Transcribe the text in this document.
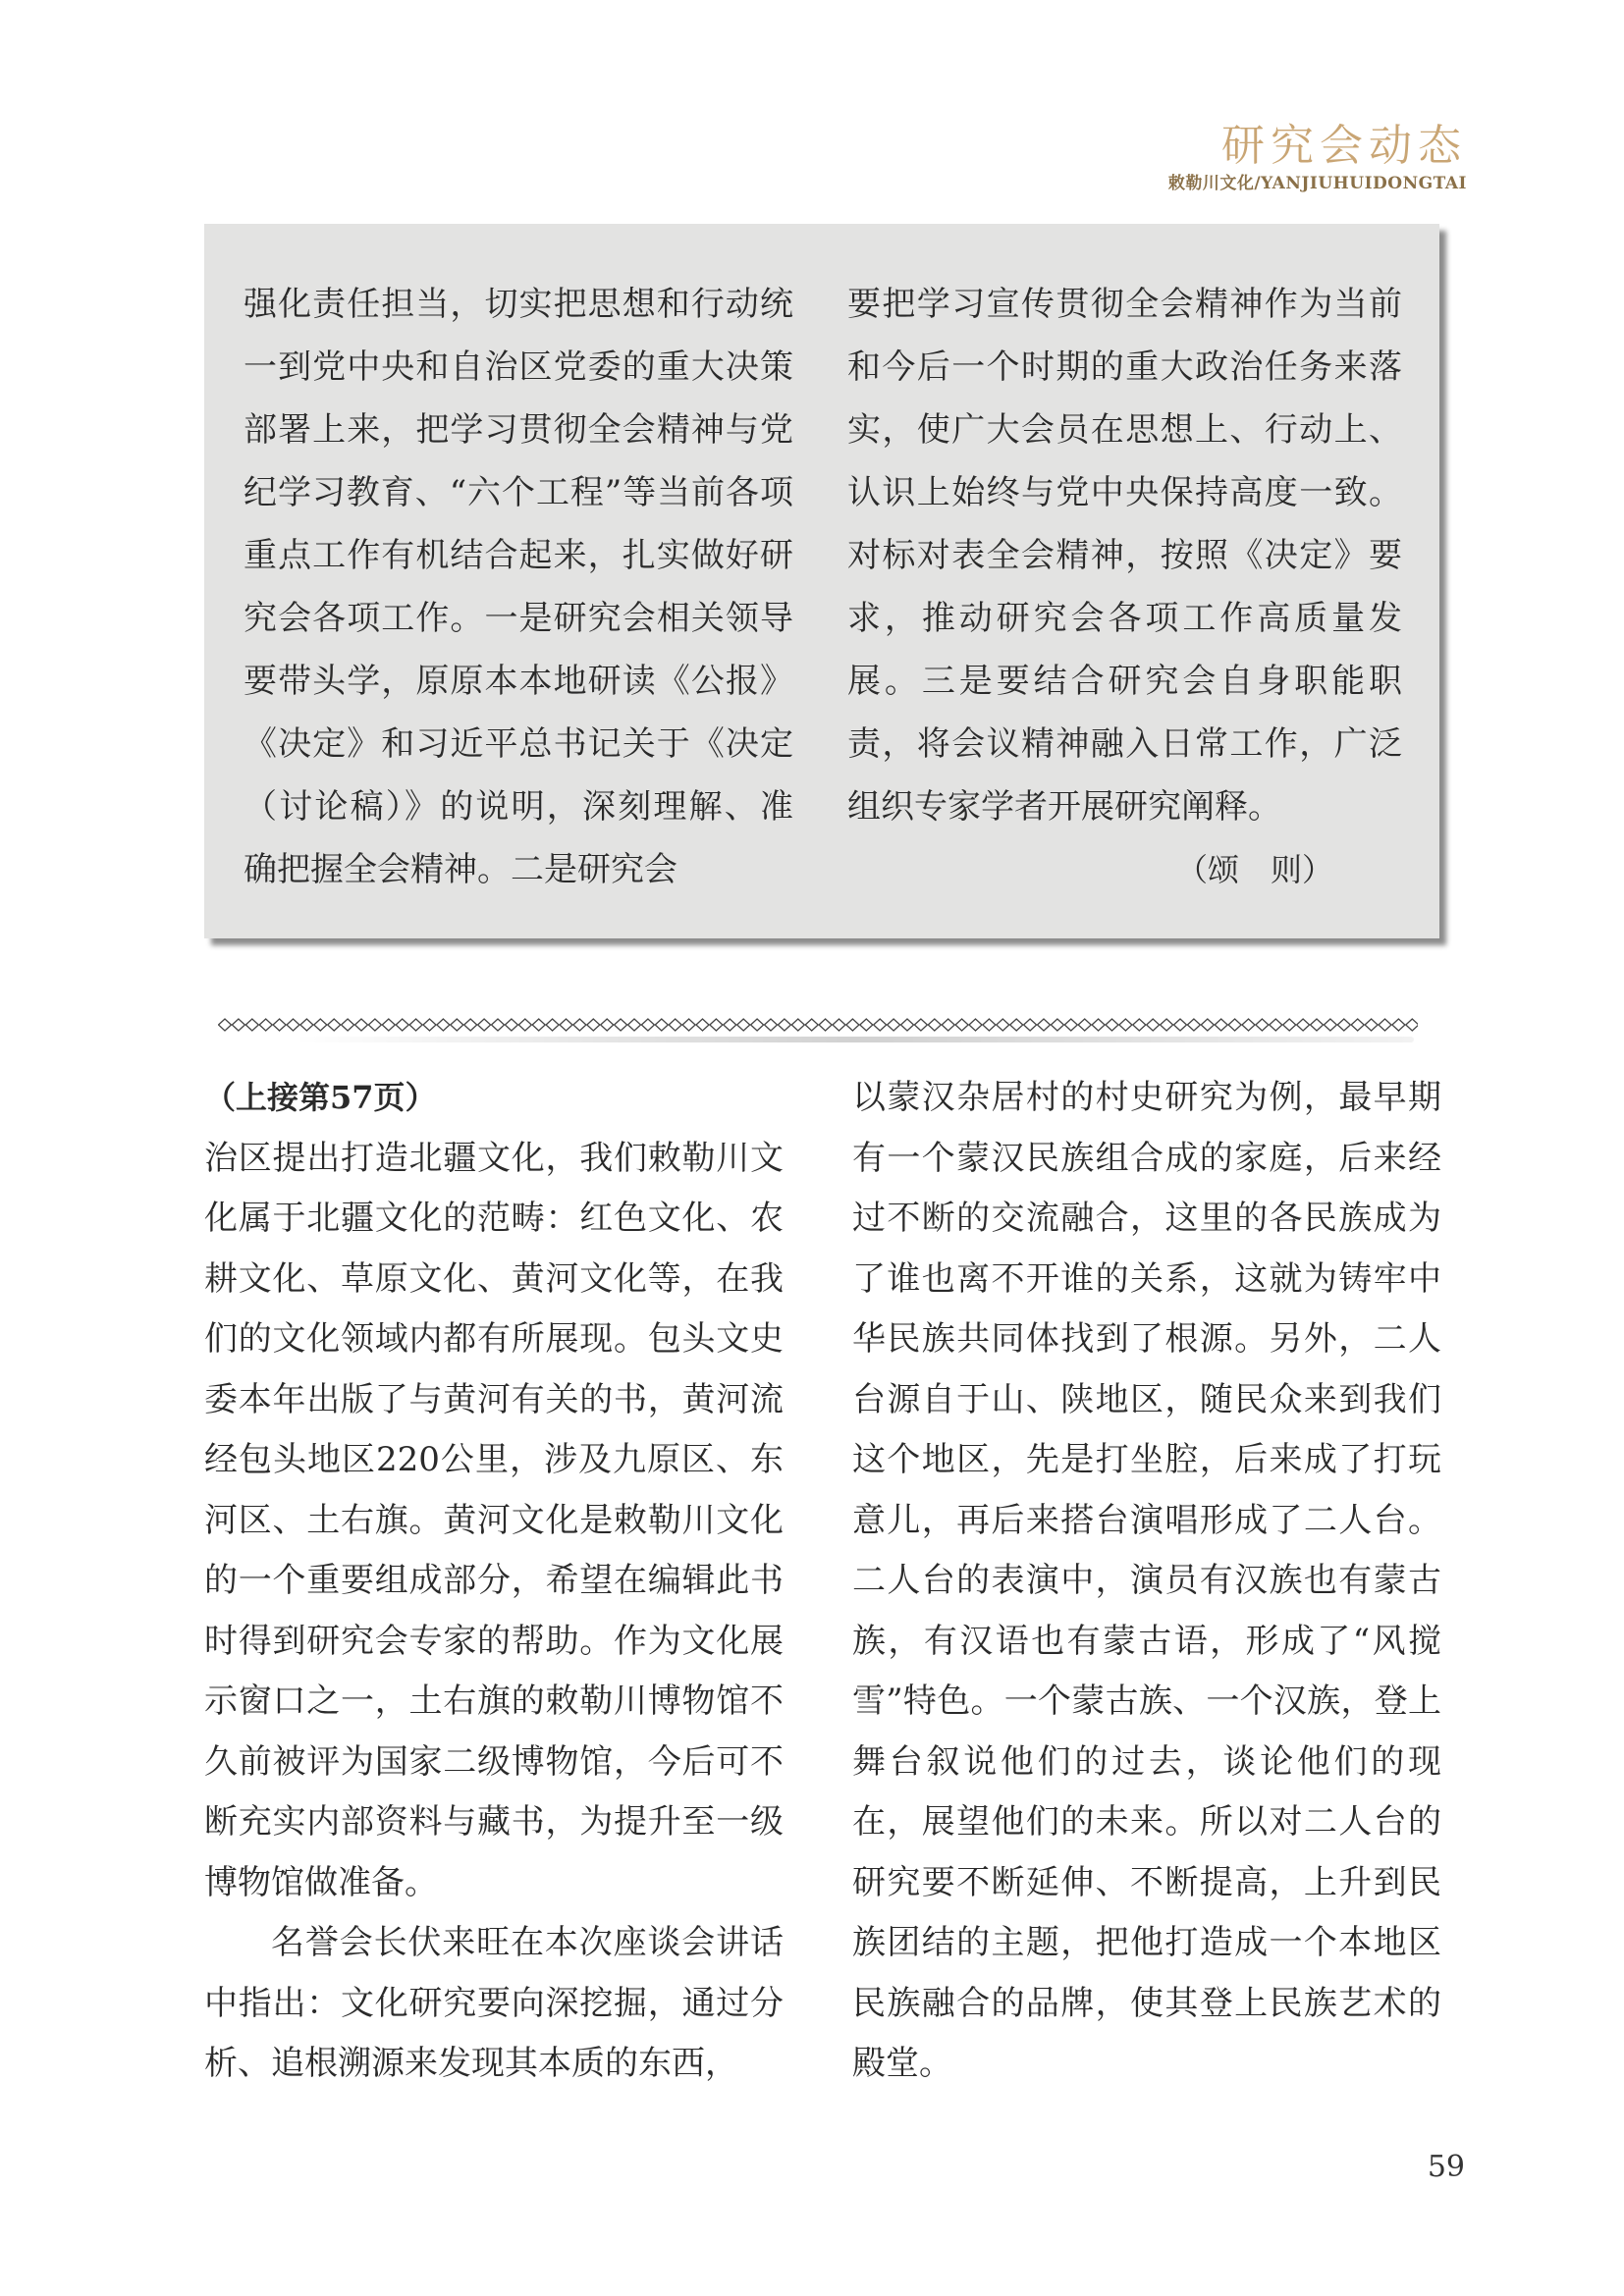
研究会动态
敕勒川文化/YANJIUHUIDONGTAI

强化责任担当，切实把思想和行动统一到党中央和自治区党委的重大决策部署上来，把学习贯彻全会精神与党纪学习教育、“六个工程”等当前各项重点工作有机结合起来，扎实做好研究会各项工作。一是研究会相关领导要带头学，原原本本地研读《公报》《决定》和习近平总书记关于《决定（讨论稿）》的说明，深刻理解、准确把握全会精神。二是研究会

要把学习宣传贯彻全会精神作为当前和今后一个时期的重大政治任务来落实，使广大会员在思想上、行动上、认识上始终与党中央保持高度一致。对标对表全会精神，按照《决定》要求，推动研究会各项工作高质量发展。三是要结合研究会自身职能职责，将会议精神融入日常工作，广泛组织专家学者开展研究阐释。

（颂　则）

（上接第57页）

治区提出打造北疆文化，我们敕勒川文化属于北疆文化的范畴：红色文化、农耕文化、草原文化、黄河文化等，在我们的文化领域内都有所展现。包头文史委本年出版了与黄河有关的书，黄河流经包头地区220公里，涉及九原区、东河区、土右旗。黄河文化是敕勒川文化的一个重要组成部分，希望在编辑此书时得到研究会专家的帮助。作为文化展示窗口之一，土右旗的敕勒川博物馆不久前被评为国家二级博物馆，今后可不断充实内部资料与藏书，为提升至一级博物馆做准备。

名誉会长伏来旺在本次座谈会讲话中指出：文化研究要向深挖掘，通过分析、追根溯源来发现其本质的东西，

以蒙汉杂居村的村史研究为例，最早期有一个蒙汉民族组合成的家庭，后来经过不断的交流融合，这里的各民族成为了谁也离不开谁的关系，这就为铸牢中华民族共同体找到了根源。另外，二人台源自于山、陕地区，随民众来到我们这个地区，先是打坐腔，后来成了打玩意儿，再后来搭台演唱形成了二人台。二人台的表演中，演员有汉族也有蒙古族，有汉语也有蒙古语，形成了“风搅雪”特色。一个蒙古族、一个汉族，登上舞台叙说他们的过去，谈论他们的现在，展望他们的未来。所以对二人台的研究要不断延伸、不断提高，上升到民族团结的主题，把他打造成一个本地区民族融合的品牌，使其登上民族艺术的殿堂。

59
